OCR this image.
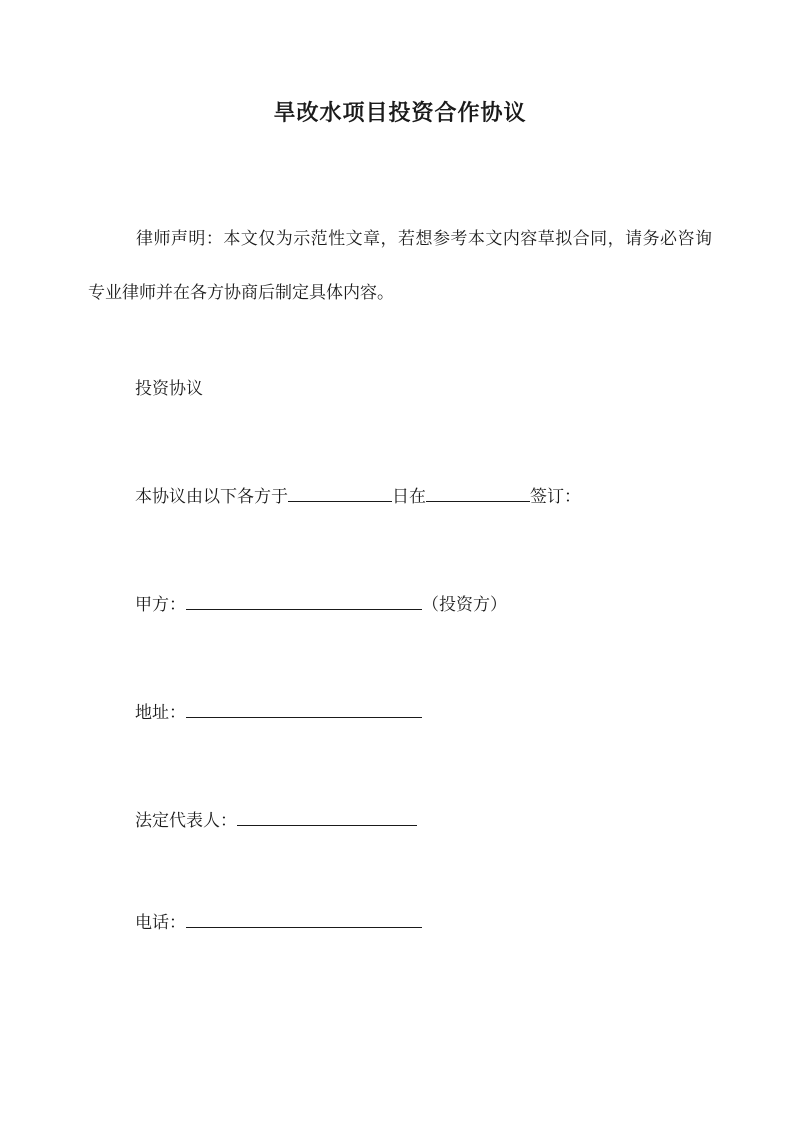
旱改水项目投资合作协议
律师声明：本文仅为示范性文章，若想参考本文内容草拟合同，请务必咨询专业律师并在各方协商后制定具体内容。
投资协议
本协议由以下各方于	日在	签订：
甲方：	（投资方）
地址：
法定代表人：
电话：
